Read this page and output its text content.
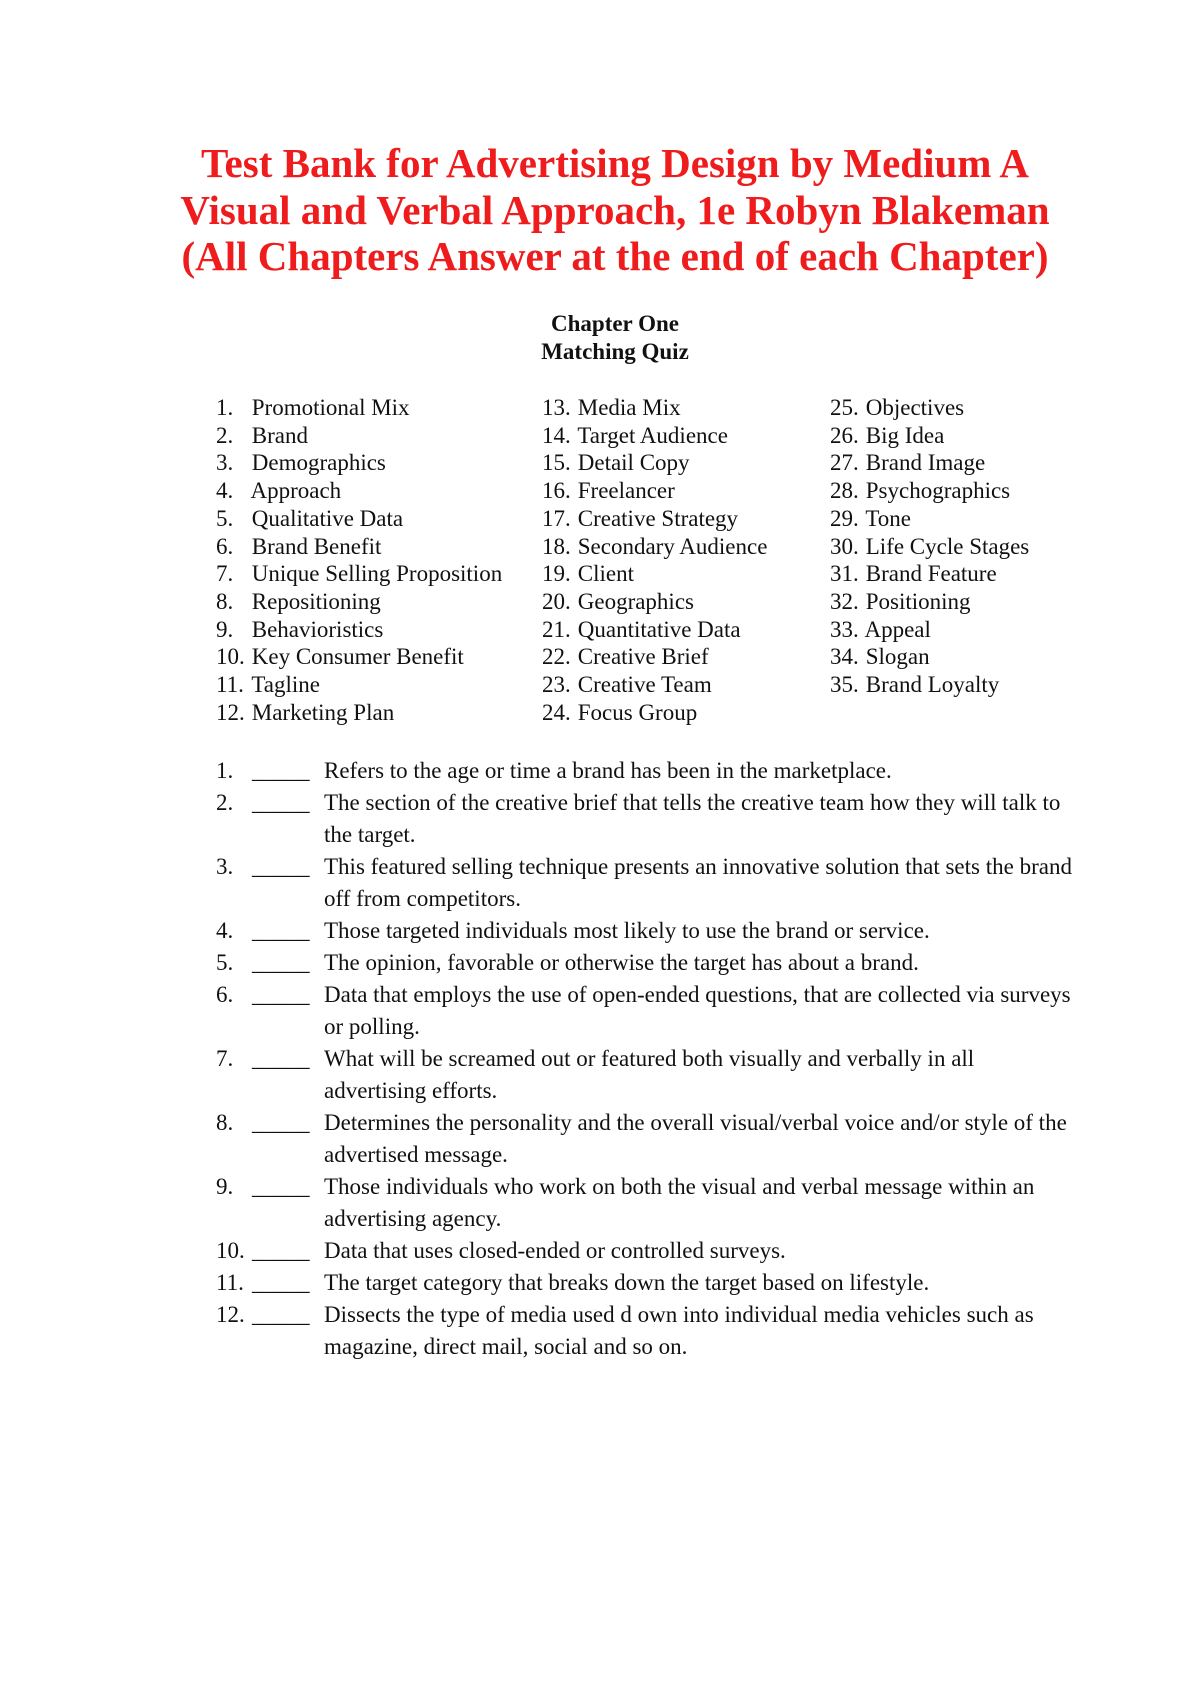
Test Bank for Advertising Design by Medium A
Visual and Verbal Approach, 1e Robyn Blakeman
(All Chapters Answer at the end of each Chapter)
Chapter One
Matching Quiz
1. Promotional Mix
2. Brand
3. Demographics
4. Approach
5. Qualitative Data
6. Brand Benefit
7. Unique Selling Proposition
8. Repositioning
9. Behavioristics
10. Key Consumer Benefit
11. Tagline
12. Marketing Plan
13. Media Mix
14. Target Audience
15. Detail Copy
16. Freelancer
17. Creative Strategy
18. Secondary Audience
19. Client
20. Geographics
21. Quantitative Data
22. Creative Brief
23. Creative Team
24. Focus Group
25. Objectives
26. Big Idea
27. Brand Image
28. Psychographics
29. Tone
30. Life Cycle Stages
31. Brand Feature
32. Positioning
33. Appeal
34. Slogan
35. Brand Loyalty
1. _____ Refers to the age or time a brand has been in the marketplace.
2. _____ The section of the creative brief that tells the creative team how they will talk to the target.
3. _____ This featured selling technique presents an innovative solution that sets the brand off from competitors.
4. _____ Those targeted individuals most likely to use the brand or service.
5. _____ The opinion, favorable or otherwise the target has about a brand.
6. _____ Data that employs the use of open-ended questions, that are collected via surveys or polling.
7. _____ What will be screamed out or featured both visually and verbally in all advertising efforts.
8. _____ Determines the personality and the overall visual/verbal voice and/or style of the advertised message.
9. _____ Those individuals who work on both the visual and verbal message within an advertising agency.
10. _____ Data that uses closed-ended or controlled surveys.
11. _____ The target category that breaks down the target based on lifestyle.
12. _____ Dissects the type of media used d own into individual media vehicles such as magazine, direct mail, social and so on.
